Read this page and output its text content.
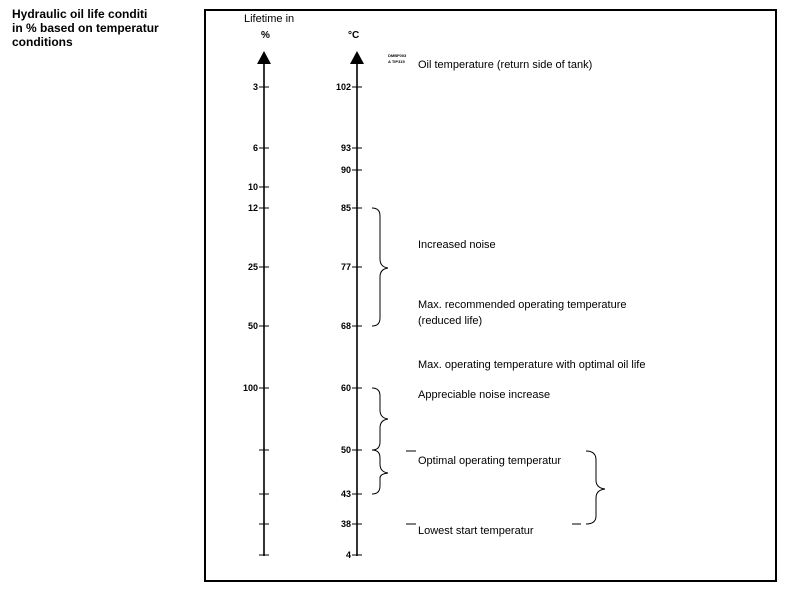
Hydraulic oil life conditi
in % based on temperatur
conditions
Lifetime in
%	°C
DMBF003
A TIP315
3
6
10
12
25
50
100
102
93
90
85
77
68
60
50
43
38
4
Oil temperature (return side of tank)
Increased noise
Max. recommended operating temperature
(reduced life)
Max. operating temperature with optimal oil life
Appreciable noise increase
Optimal operating temperatur
Lowest start temperatur
